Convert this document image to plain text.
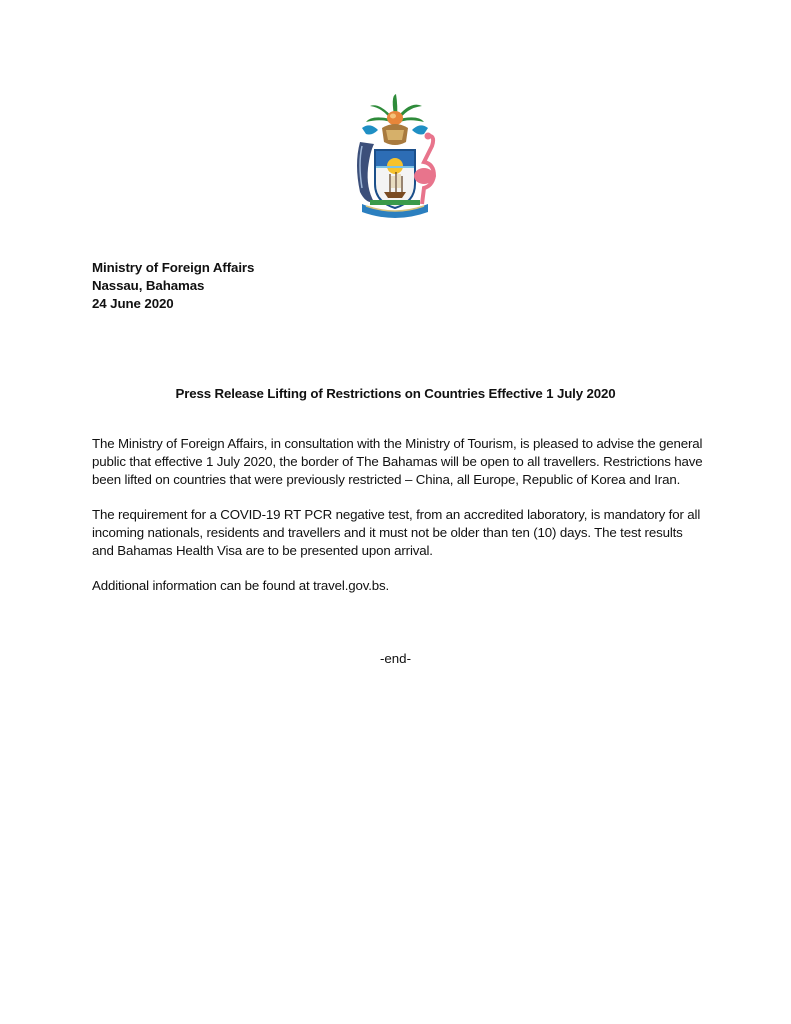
Ministry of Foreign Affairs
Nassau, Bahamas
24 June 2020
Press Release Lifting of Restrictions on Countries Effective 1 July 2020

The Ministry of Foreign Affairs, in consultation with the Ministry of Tourism, is pleased to advise the general
public that effective 1 July 2020, the border of The Bahamas will be open to all travellers. Restrictions have
been lifted on countries that were previously restricted – China, all Europe, Republic of Korea and Iran.

The requirement for a COVID-19 RT PCR negative test, from an accredited laboratory, is mandatory for all
incoming nationals, residents and travellers and it must not be older than ten (10) days. The test results
and Bahamas Health Visa are to be presented upon arrival.

Additional information can be found at travel.gov.bs.

-end-
